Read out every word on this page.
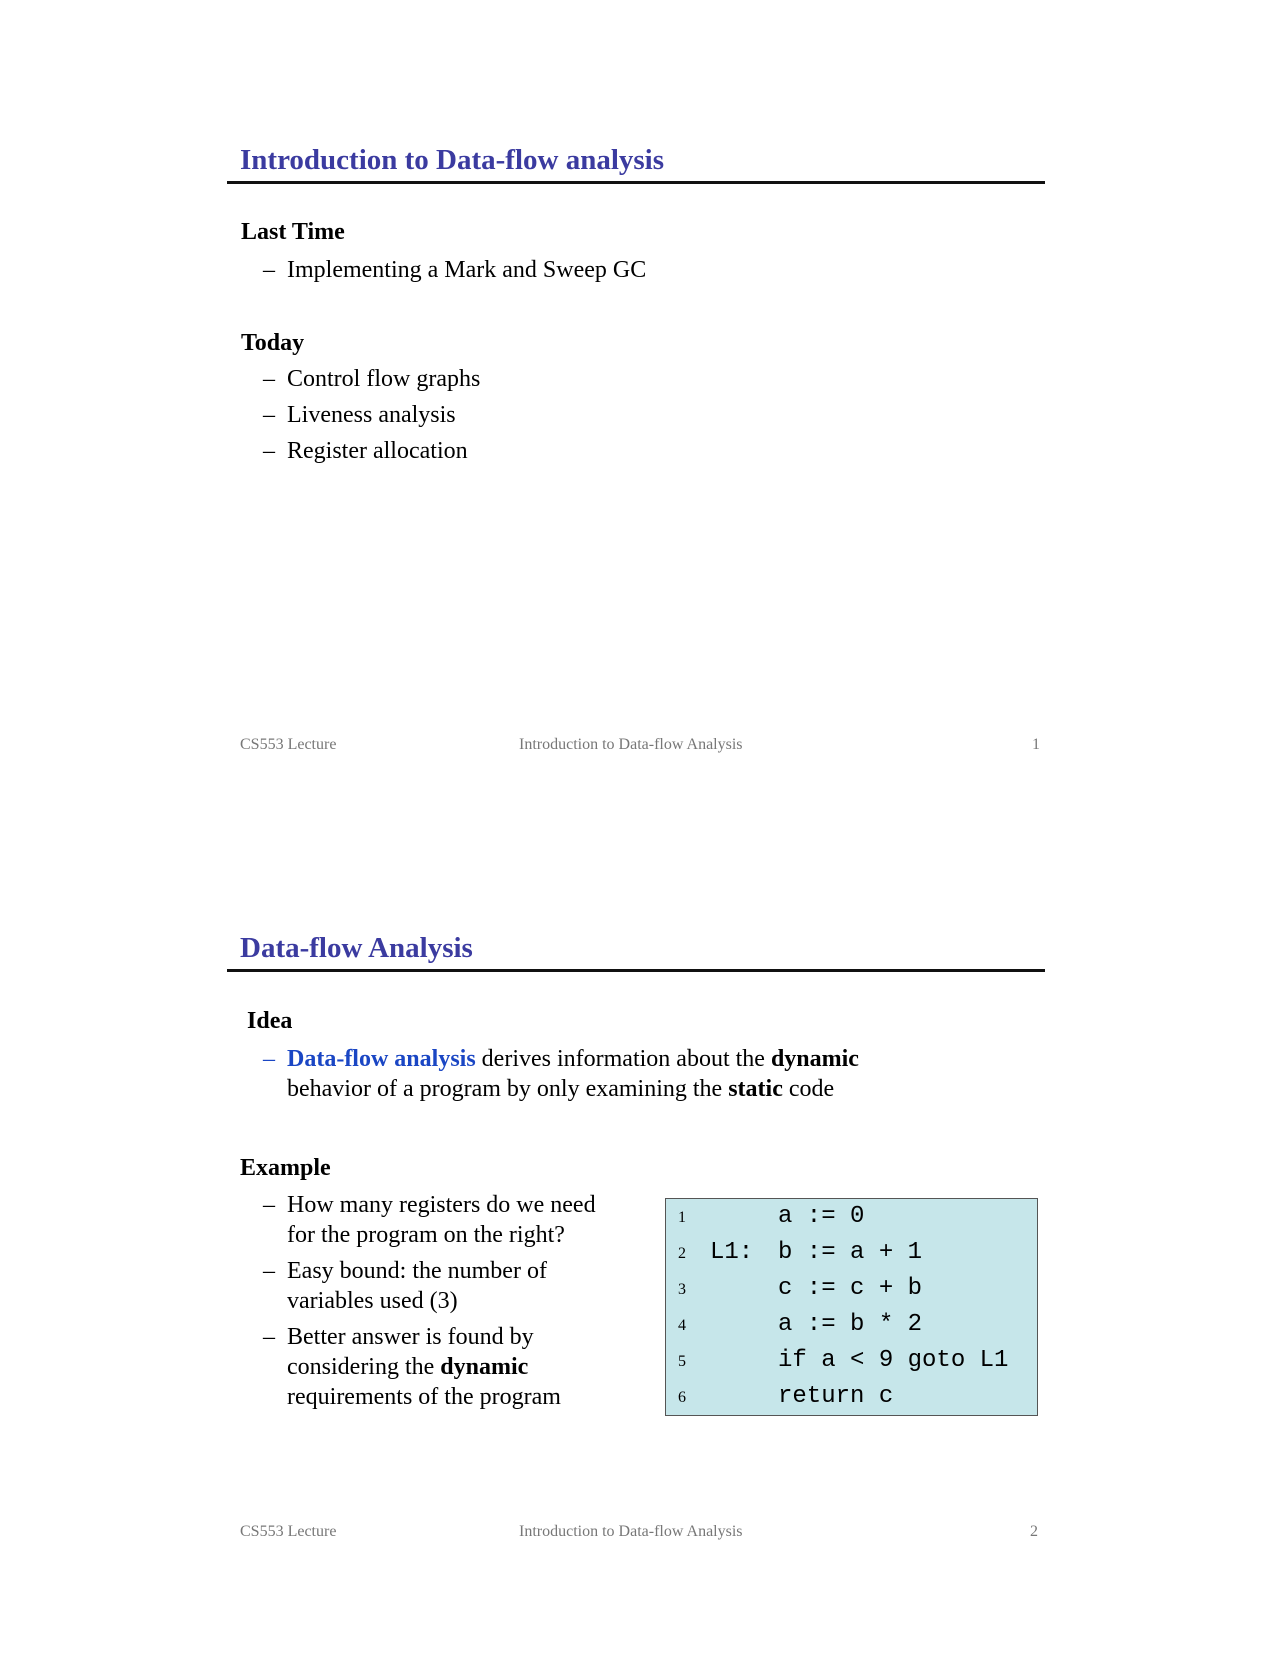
Introduction to Data-flow analysis
Last Time
– Implementing a Mark and Sweep GC
Today
– Control flow graphs
– Liveness analysis
– Register allocation
CS553 Lecture	Introduction to Data-flow Analysis	1
Data-flow Analysis
Idea
– Data-flow analysis derives information about the dynamic
behavior of a program by only examining the static code
Example
– How many registers do we need
for the program on the right?
– Easy bound: the number of
variables used (3)
– Better answer is found by
considering the dynamic
requirements of the program
1	a := 0
2 L1: b := a + 1
3	c := c + b
4	a := b * 2
5	if a < 9 goto L1
6	return c
CS553 Lecture	Introduction to Data-flow Analysis	2
